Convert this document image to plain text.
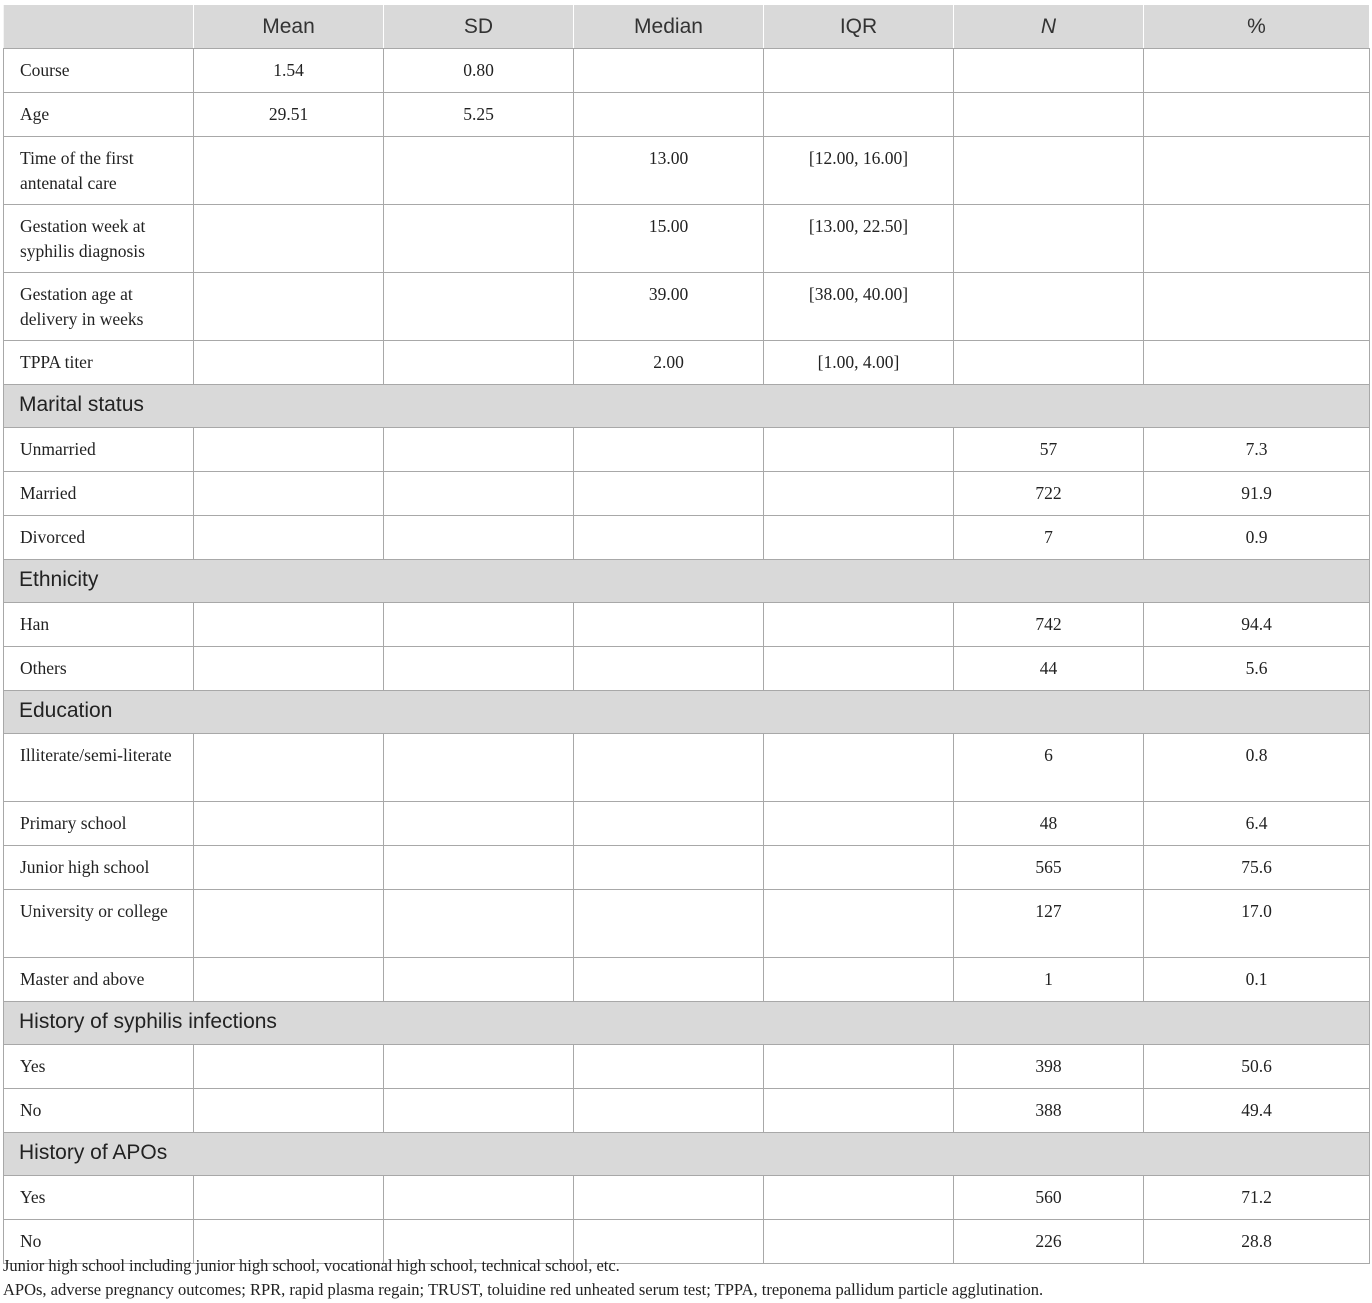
	Mean	SD	Median	IQR	N	%
Course	1.54	0.80				
Age	29.51	5.25				
Time of the first antenatal care			13.00	[12.00, 16.00]		
Gestation week at syphilis diagnosis			15.00	[13.00, 22.50]		
Gestation age at delivery in weeks			39.00	[38.00, 40.00]		
TPPA titer			2.00	[1.00, 4.00]		
Marital status						
Unmarried					57	7.3
Married					722	91.9
Divorced					7	0.9
Ethnicity						
Han					742	94.4
Others					44	5.6
Education						
Illiterate/semi-literate					6	0.8
Primary school					48	6.4
Junior high school					565	75.6
University or college					127	17.0
Master and above					1	0.1
History of syphilis infections						
Yes					398	50.6
No					388	49.4
History of APOs						
Yes					560	71.2
No					226	28.8
Junior high school including junior high school, vocational high school, technical school, etc.
APOs, adverse pregnancy outcomes; RPR, rapid plasma regain; TRUST, toluidine red unheated serum test; TPPA, treponema pallidum particle agglutination.
